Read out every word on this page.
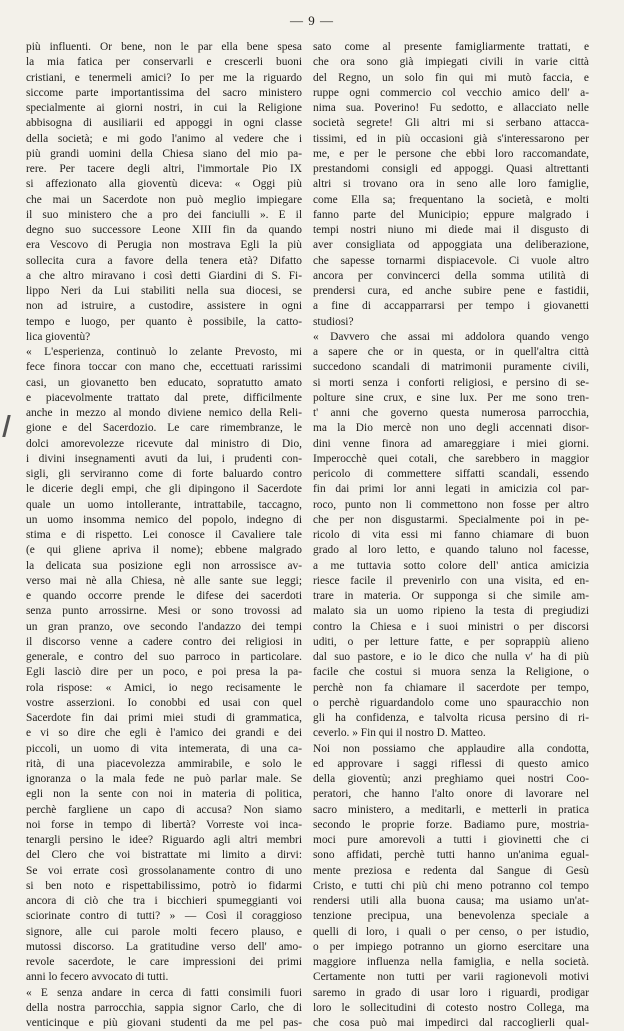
— 9 —
più influenti. Or bene, non le par ella bene spesa
la mia fatica per conservarli e crescerli buoni
cristiani, e tenermeli amici? Io per me la riguardo
siccome parte importantissima del sacro ministero
specialmente ai giorni nostri, in cui la Religione
abbisogna di ausiliarii ed appoggi in ogni classe
della società; e mi godo l'animo al vedere che i
più grandi uomini della Chiesa siano del mio pa-
rere. Per tacere degli altri, l'immortale Pio IX
si affezionato alla gioventù diceva: « Oggi più
che mai un Sacerdote non può meglio impiegare
il suo ministero che a pro dei fanciulli ». E il
degno suo successore Leone XIII fin da quando
era Vescovo di Perugia non mostrava Egli la più
sollecita cura a favore della tenera età? Difatto
a che altro miravano i così detti Giardini di S. Fi-
lippo Neri da Lui stabiliti nella sua diocesi, se
non ad istruire, a custodire, assistere in ogni
tempo e luogo, per quanto è possibile, la catto-
lica gioventù?
« L'esperienza, continuò lo zelante Prevosto, mi
fece finora toccar con mano che, eccettuati rarissimi
casi, un giovanetto ben educato, sopratutto amato
e piacevolmente trattato dal prete, difficilmente
anche in mezzo al mondo diviene nemico della Reli-
gione e del Sacerdozio. Le care rimembranze, le
dolci amorevolezze ricevute dal ministro di Dio,
i divini insegnamenti avuti da lui, i prudenti con-
sigli, gli serviranno come di forte baluardo contro
le dicerie degli empi, che gli dipingono il Sacerdote
quale un uomo intollerante, intrattabile, taccagno,
un uomo insomma nemico del popolo, indegno di
stima e di rispetto. Lei conosce il Cavaliere tale
(e qui gliene apriva il nome); ebbene malgrado
la delicata sua posizione egli non arrossisce av-
verso mai nè alla Chiesa, nè alle sante sue leggi;
e quando occorre prende le difese dei sacerdoti
senza punto arrossirne. Mesi or sono trovossi ad
un gran pranzo, ove secondo l'andazzo dei tempi
il discorso venne a cadere contro dei religiosi in
generale, e contro del suo parroco in particolare.
Egli lasciò dire per un poco, e poi presa la pa-
rola rispose: « Amici, io nego recisamente le
vostre asserzioni. Io conobbi ed usai con quel
Sacerdote fin dai primi miei studi di grammatica,
e vi so dire che egli è l'amico dei grandi e dei
piccoli, un uomo di vita intemerata, di una ca-
rità, di una piacevolezza ammirabile, e solo le
ignoranza o la mala fede ne può parlar male. Se
egli non la sente con noi in materia di politica,
perchè fargliene un capo di accusa? Non siamo
noi forse in tempo di libertà? Vorreste voi inca-
tenargli persino le idee? Riguardo agli altri membri
del Clero che voi bistrattate mi limito a dirvi:
Se voi errate così grossolanamente contro di uno
si ben noto e rispettabilissimo, potrò io fidarmi
ancora di ciò che tra i bicchieri spumeggianti voi
sciorinate contro di tutti? » — Così il coraggioso
signore, alle cui parole molti fecero plauso, e
mutossi discorso. La gratitudine verso dell' amo-
revole sacerdote, le care impressioni dei primi
anni lo fecero avvocato di tutti.
« E senza andare in cerca di fatti consimili fuori
della nostra parrocchia, sappia signor Carlo, che di
venticinque e più giovani studenti da me pel pas-
sato come al presente famigliarmente trattati, e
che ora sono già impiegati civili in varie città
del Regno, un solo fin qui mi mutò faccia, e
ruppe ogni commercio col vecchio amico dell' a-
nima sua. Poverino! Fu sedotto, e allacciato nelle
società segrete! Gli altri mi si serbano attacca-
tissimi, ed in più occasioni già s'interessarono per
me, e per le persone che ebbi loro raccomandate,
prestandomi consigli ed appoggi. Quasi altrettanti
altri si trovano ora in seno alle loro famiglie,
come Ella sa; frequentano la società, e molti
fanno parte del Municipio; eppure malgrado i
tempi nostri niuno mi diede mai il disgusto di
aver consigliata od appoggiata una deliberazione,
che sapesse tornarmi dispiacevole. Ci vuole altro
ancora per convincerci della somma utilità di
prendersi cura, ed anche subire pene e fastidii,
a fine di accapparrarsi per tempo i giovanetti
studiosi?
« Davvero che assai mi addolora quando vengo
a sapere che or in questa, or in quell'altra città
succedono scandali di matrimonii puramente civili,
si morti senza i conforti religiosi, e persino di se-
polture sine crux, e sine lux. Per me sono tren-
t' anni che governo questa numerosa parrocchia,
ma la Dio mercè non uno degli accennati disor-
dini venne finora ad amareggiare i miei giorni.
Imperocchè quei cotali, che sarebbero in maggior
pericolo di commettere siffatti scandali, essendo
fin dai primi lor anni legati in amicizia col par-
roco, punto non li commettono non fosse per altro
che per non disgustarmi. Specialmente poi in pe-
ricolo di vita essi mi fanno chiamare di buon
grado al loro letto, e quando taluno nol facesse,
a me tuttavia sotto colore dell' antica amicizia
riesce facile il prevenirlo con una visita, ed en-
trare in materia. Or supponga si che simile am-
malato sia un uomo ripieno la testa di pregiudizi
contro la Chiesa e i suoi ministri o per discorsi
uditi, o per letture fatte, e per soprappiù alieno
dal suo pastore, e io le dico che nulla v' ha di più
facile che costui si muora senza la Religione, o
perchè non fa chiamare il sacerdote per tempo,
o perchè riguardandolo come uno spauracchio non
gli ha confidenza, e talvolta ricusa persino di ri-
ceverlo. » Fin qui il nostro D. Matteo.
Noi non possiamo che applaudire alla condotta,
ed approvare i saggi riflessi di questo amico
della gioventù; anzi preghiamo quei nostri Coo-
peratori, che hanno l'alto onore di lavorare nel
sacro ministero, a meditarli, e metterli in pratica
secondo le proprie forze. Badiamo pure, mostria-
moci pure amorevoli a tutti i giovinetti che ci
sono affidati, perchè tutti hanno un'anima egual-
mente preziosa e redenta dal Sangue di Gesù
Cristo, e tutti chi più chi meno potranno col tempo
rendersi utili alla buona causa; ma usiamo un'at-
tenzione precipua, una benevolenza speciale a
quelli di loro, i quali o per censo, o per istudio,
o per impiego potranno un giorno esercitare una
maggiore influenza nella famiglia, e nella società.
Certamente non tutti per varii ragionevoli motivi
saremo in grado di usar loro i riguardi, prodigar
loro le sollecitudini di cotesto nostro Collega, ma
che cosa può mai impedirci dal raccoglierli qual-
